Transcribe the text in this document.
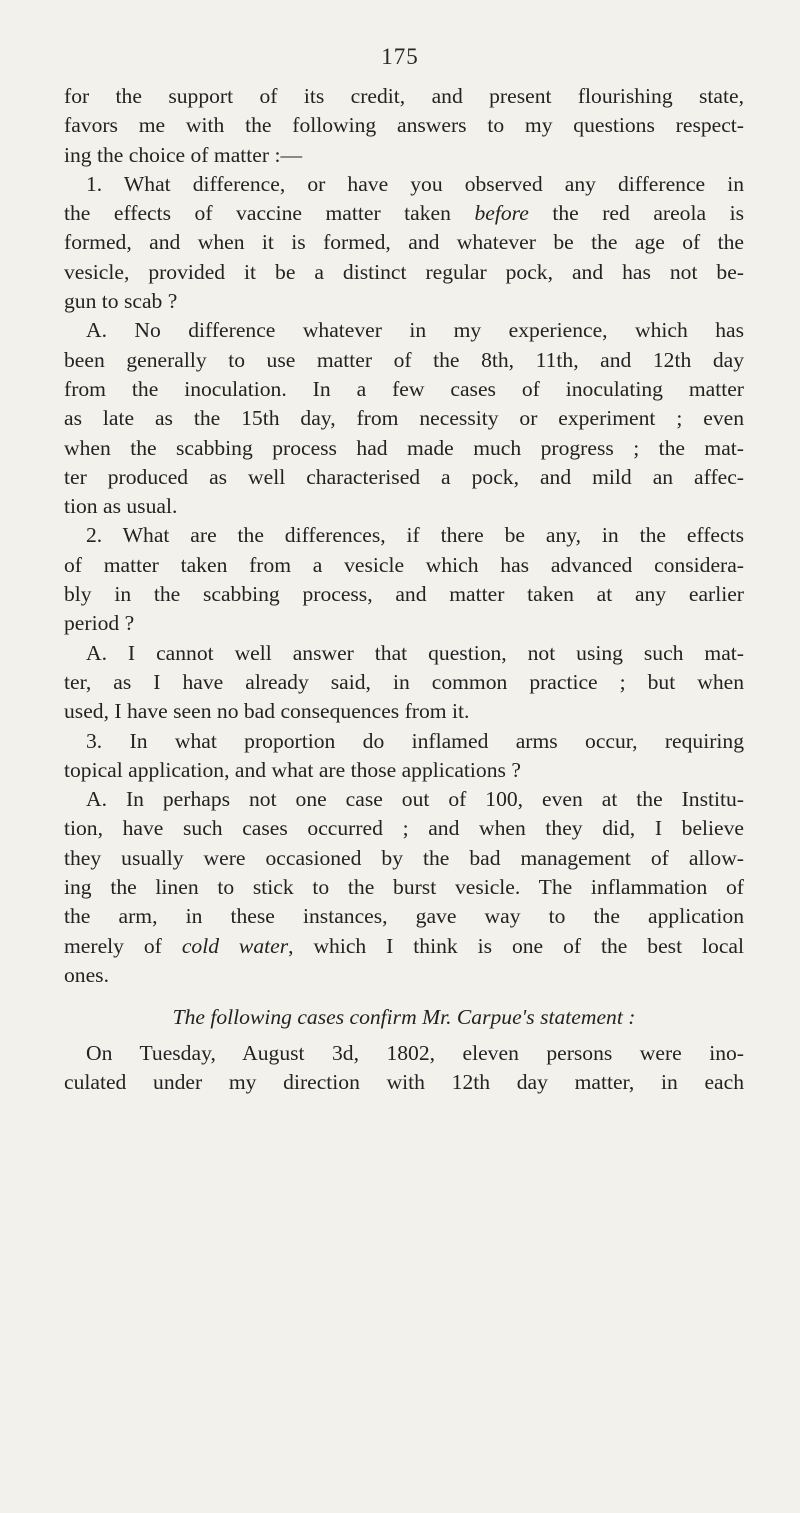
175
for the support of its credit, and present flourishing state,
favors me with the following answers to my questions respect-
ing the choice of matter :—
1. What difference, or have you observed any difference in
the effects of vaccine matter taken before the red areola is
formed, and when it is formed, and whatever be the age of the
vesicle, provided it be a distinct regular pock, and has not be-
gun to scab ?
A. No difference whatever in my experience, which has
been generally to use matter of the 8th, 11th, and 12th day
from the inoculation. In a few cases of inoculating matter
as late as the 15th day, from necessity or experiment ; even
when the scabbing process had made much progress ; the mat-
ter produced as well characterised a pock, and mild an affec-
tion as usual.
2. What are the differences, if there be any, in the effects
of matter taken from a vesicle which has advanced considera-
bly in the scabbing process, and matter taken at any earlier
period ?
A. I cannot well answer that question, not using such mat-
ter, as I have already said, in common practice ; but when
used, I have seen no bad consequences from it.
3. In what proportion do inflamed arms occur, requiring
topical application, and what are those applications ?
A. In perhaps not one case out of 100, even at the Institu-
tion, have such cases occurred ; and when they did, I believe
they usually were occasioned by the bad management of allow-
ing the linen to stick to the burst vesicle. The inflammation of
the arm, in these instances, gave way to the application
merely of cold water, which I think is one of the best local
ones.
The following cases confirm Mr. Carpue's statement :
On Tuesday, August 3d, 1802, eleven persons were ino-
culated under my direction with 12th day matter, in each
